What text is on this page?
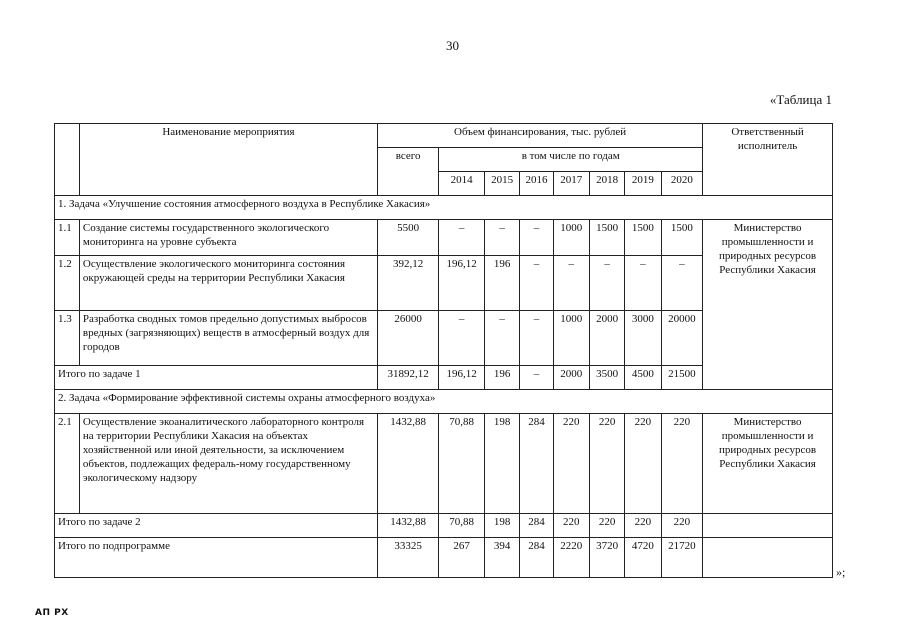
30
«Таблица 1
	Наименование мероприятия	Объем финансирования, тыс. рублей								Ответственный исполнитель
		всего	в том числе по годам							
			2014	2015	2016	2017	2018	2019	2020	
1. Задача «Улучшение состояния атмосферного воздуха в Республике Хакасия»										
1.1	Создание системы государственного экологического мониторинга на уровне субъекта	5500	–	–	–	1000	1500	1500	1500	Министерство промышленности и природных ресурсов Республики Хакасия
1.2	Осуществление экологического мониторинга состояния окружающей среды на территории Республики Хакасия	392,12	196,12	196	–	–	–	–	–	
1.3	Разработка сводных томов предельно допустимых выбросов вредных (загрязняющих) веществ в атмосферный воздух для городов	26000	–	–	–	1000	2000	3000	20000	
Итого по задаче 1		31892,12	196,12	196	–	2000	3500	4500	21500	
2. Задача «Формирование эффективной системы охраны атмосферного воздуха»										
2.1	Осуществление экоаналитического лабораторного контроля на территории Республики Хакасия на объектах хозяйственной или иной деятельности, за исключением объектов, подлежащих федераль-ному государственному экологическому надзору	1432,88	70,88	198	284	220	220	220	220	Министерство промышленности и природных ресурсов Республики Хакасия
Итого по задаче 2		1432,88	70,88	198	284	220	220	220	220	
Итого по подпрограмме		33325	267	394	284	2220	3720	4720	21720	
»;
АП РХ
